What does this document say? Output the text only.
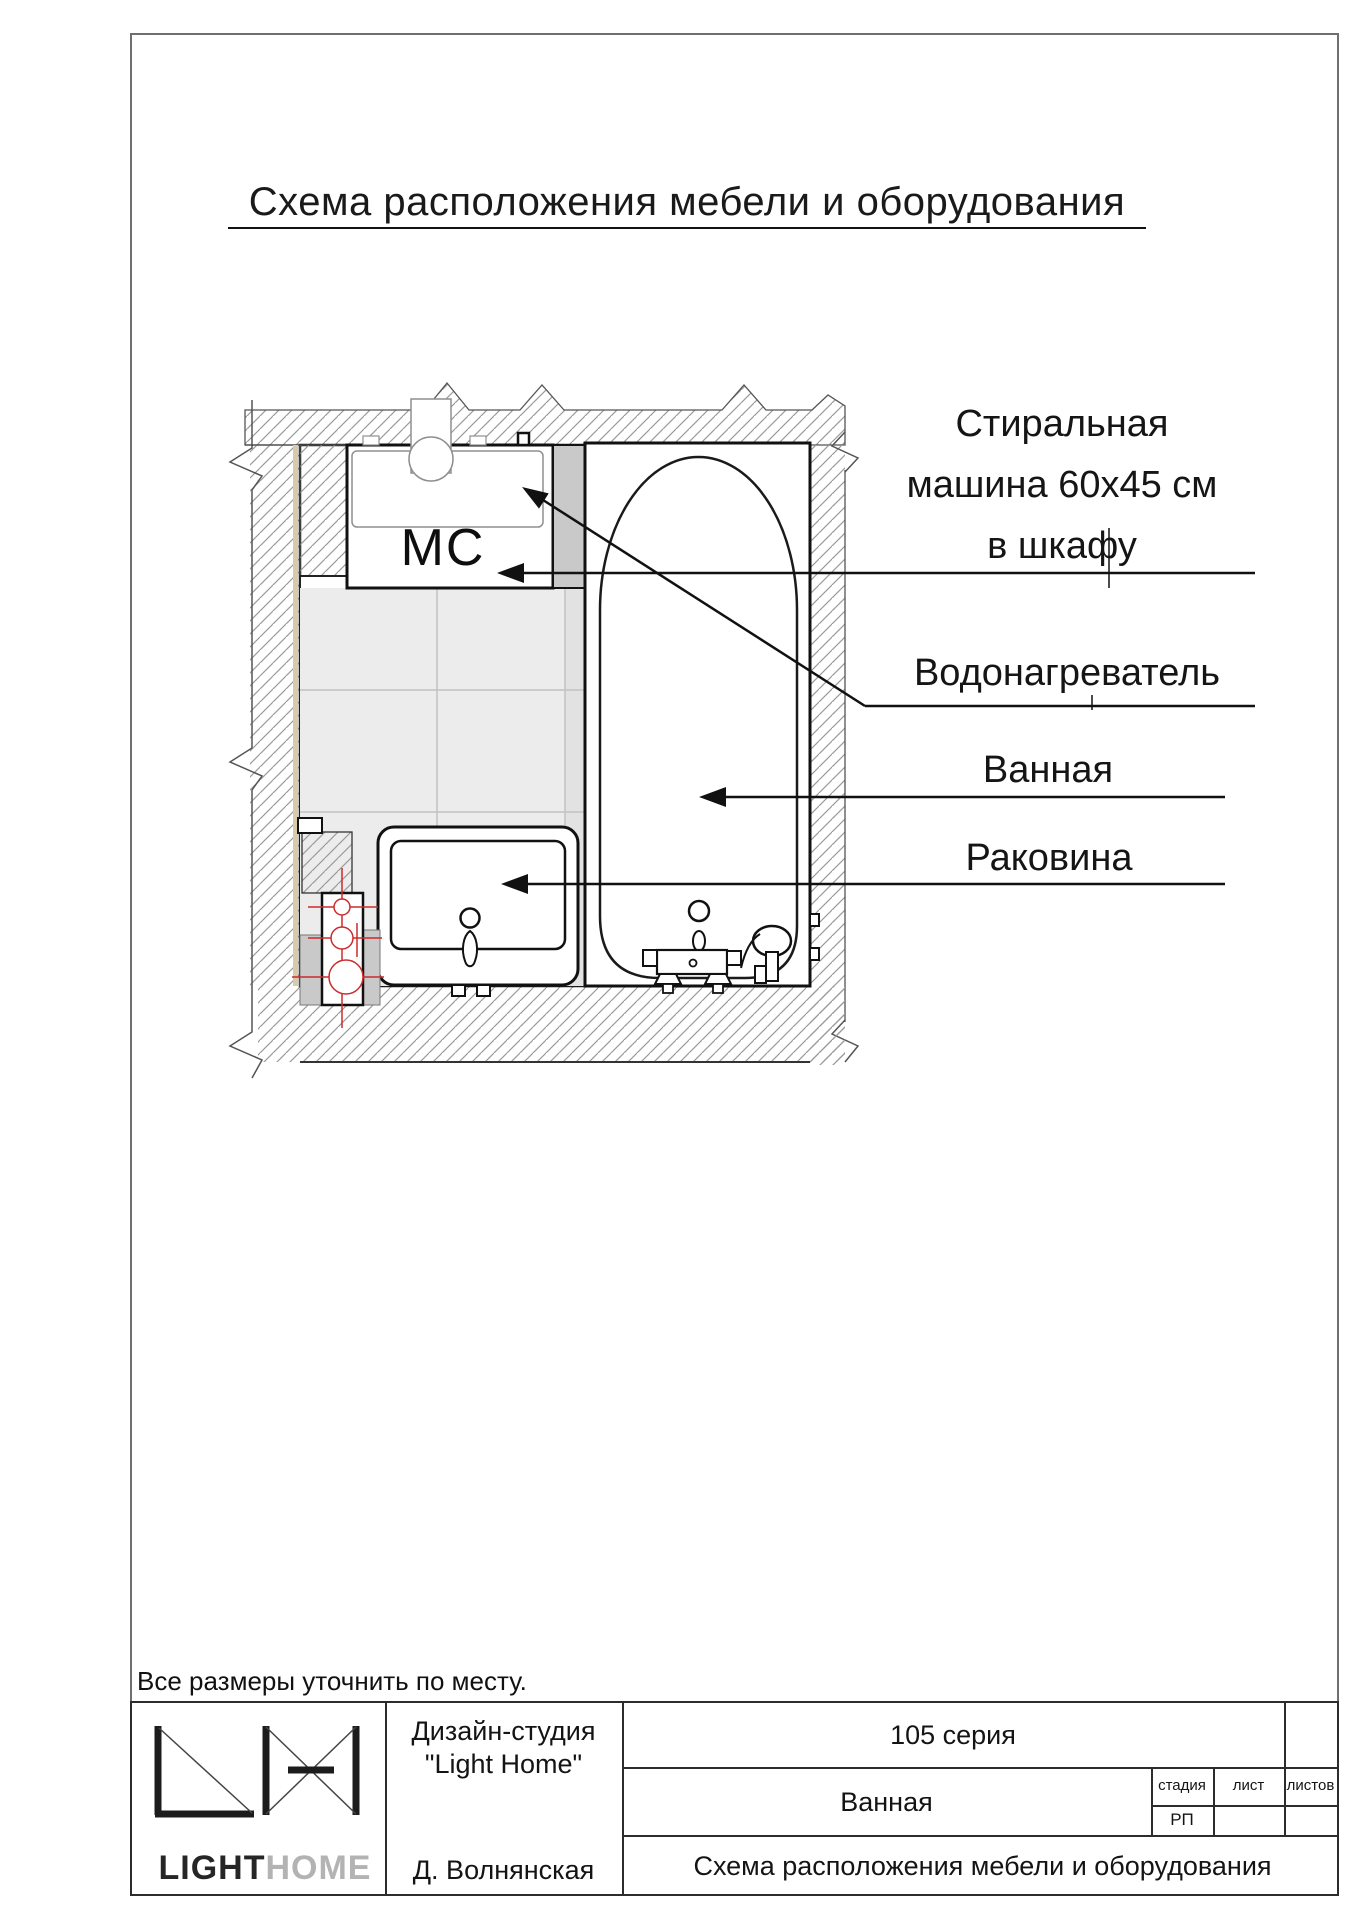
Схема расположения мебели и оборудования
МС
Стиральная
машина 60х45 см
в шкафу
Водонагреватель
Ванная
Раковина
Все размеры уточнить по месту.
LIGHTHOME
Дизайн-студия
"Light Home"
Д. Волнянская
105 серия
Ванная
Схема расположения мебели и оборудования
стадия	лист	листов
РП
